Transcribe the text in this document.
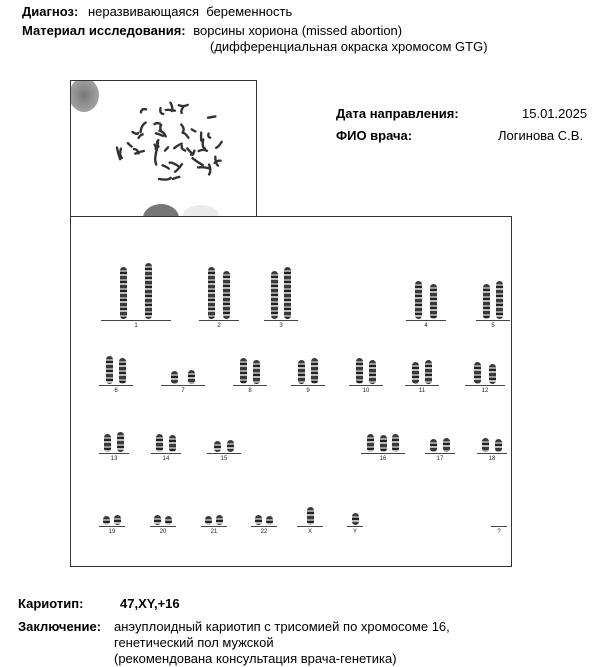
Диагноз: неразвивающаяся  беременность
Материал исследования: ворсины хориона (missed abortion)
(дифференциальная окраска хромосом GTG)
Дата направления:	15.01.2025
ФИО врача:	Логинова С.В.
1	2	3	4	5
6	7	8	9	10	11	12
13	14	15	16	17	18
19	20	21	22	X	Y	?
Кариотип:	47,XY,+16
Заключение: анэуплоидный кариотип с трисомией по хромосоме 16,
генетический пол мужской
(рекомендована консультация врача-генетика)
